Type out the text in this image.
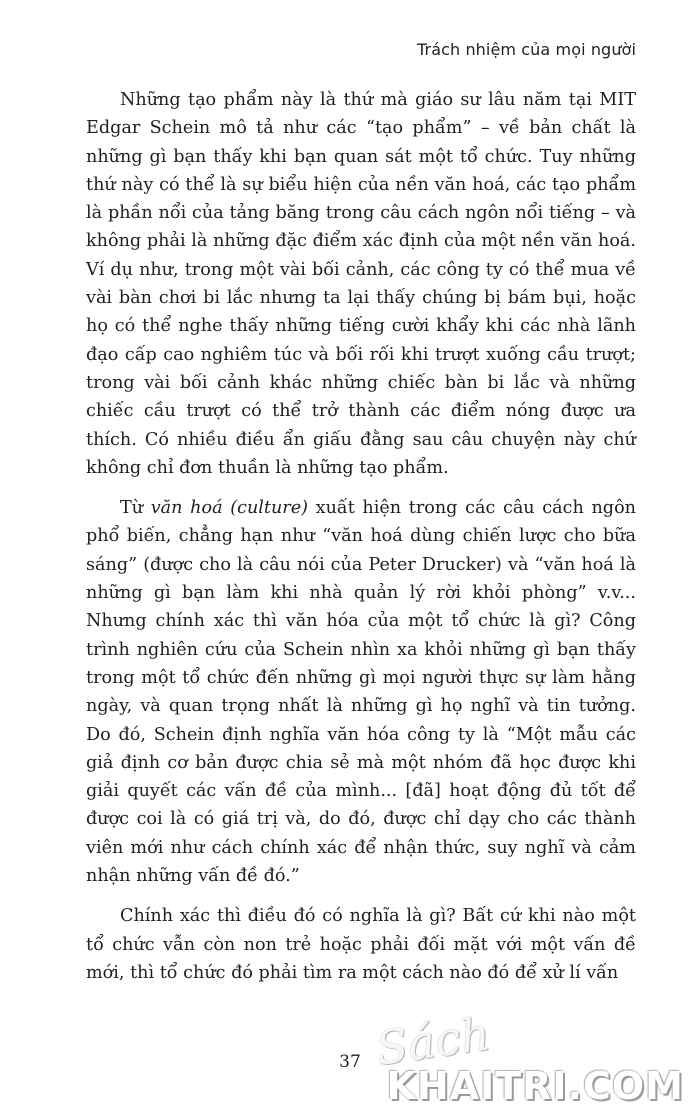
Trách nhiệm của mọi người

Những tạo phẩm này là thứ mà giáo sư lâu năm tại MIT Edgar Schein mô tả như các “tạo phẩm” – về bản chất là những gì bạn thấy khi bạn quan sát một tổ chức. Tuy những thứ này có thể là sự biểu hiện của nền văn hoá, các tạo phẩm là phần nổi của tảng băng trong câu cách ngôn nổi tiếng – và không phải là những đặc điểm xác định của một nền văn hoá. Ví dụ như, trong một vài bối cảnh, các công ty có thể mua về vài bàn chơi bi lắc nhưng ta lại thấy chúng bị bám bụi, hoặc họ có thể nghe thấy những tiếng cười khẩy khi các nhà lãnh đạo cấp cao nghiêm túc và bối rối khi trượt xuống cầu trượt; trong vài bối cảnh khác những chiếc bàn bi lắc và những chiếc cầu trượt có thể trở thành các điểm nóng được ưa thích. Có nhiều điều ẩn giấu đằng sau câu chuyện này chứ không chỉ đơn thuần là những tạo phẩm.

Từ văn hoá (culture) xuất hiện trong các câu cách ngôn phổ biến, chẳng hạn như “văn hoá dùng chiến lược cho bữa sáng” (được cho là câu nói của Peter Drucker) và “văn hoá là những gì bạn làm khi nhà quản lý rời khỏi phòng” v.v... Nhưng chính xác thì văn hóa của một tổ chức là gì? Công trình nghiên cứu của Schein nhìn xa khỏi những gì bạn thấy trong một tổ chức đến những gì mọi người thực sự làm hằng ngày, và quan trọng nhất là những gì họ nghĩ và tin tưởng. Do đó, Schein định nghĩa văn hóa công ty là “Một mẫu các giả định cơ bản được chia sẻ mà một nhóm đã học được khi giải quyết các vấn đề của mình... [đã] hoạt động đủ tốt để được coi là có giá trị và, do đó, được chỉ dạy cho các thành viên mới như cách chính xác để nhận thức, suy nghĩ và cảm nhận những vấn đề đó.”

Chính xác thì điều đó có nghĩa là gì? Bất cứ khi nào một tổ chức vẫn còn non trẻ hoặc phải đối mặt với một vấn đề mới, thì tổ chức đó phải tìm ra một cách nào đó để xử lí vấn

37 Sách
KHAITRI.COM
